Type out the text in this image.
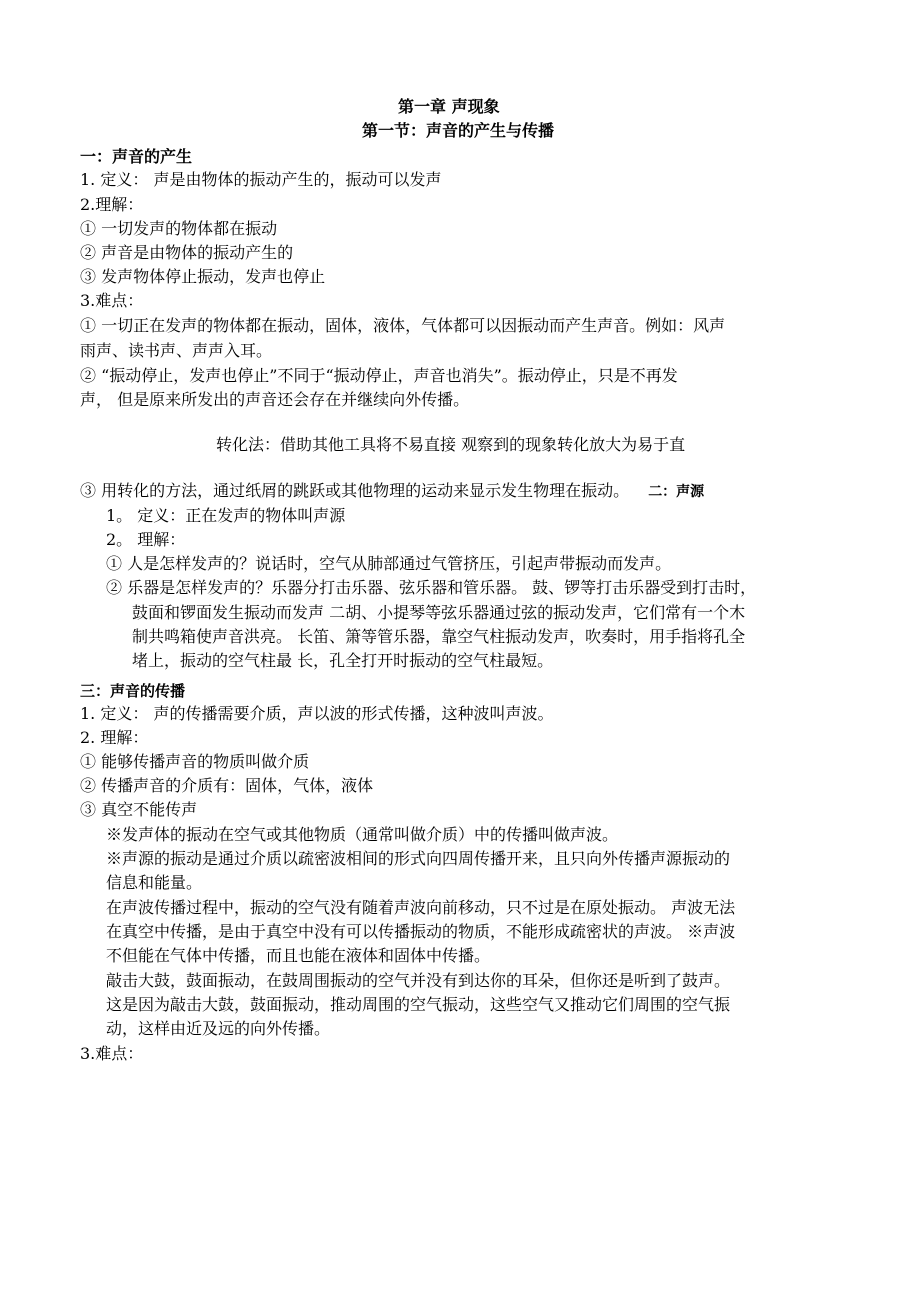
第一章 声现象
第一节：声音的产生与传播
一：声音的产生
1. 定义： 声是由物体的振动产生的，振动可以发声
2.理解：
① 一切发声的物体都在振动
② 声音是由物体的振动产生的
③ 发声物体停止振动，发声也停止
3.难点：
① 一切正在发声的物体都在振动，固体，液体，气体都可以因振动而产生声音。例如：风声
雨声、读书声、声声入耳。
② “振动停止，发声也停止”不同于“振动停止，声音也消失”。振动停止，只是不再发
声， 但是原来所发出的声音还会存在并继续向外传播。
转化法：借助其他工具将不易直接 观察到的现象转化放大为易于直
③ 用转化的方法，通过纸屑的跳跃或其他物理的运动来显示发生物理在振动。 二：声源
1。 定义：正在发声的物体叫声源
2。 理解：
① 人是怎样发声的？说话时，空气从肺部通过气管挤压，引起声带振动而发声。
② 乐器是怎样发声的？乐器分打击乐器、弦乐器和管乐器。 鼓、锣等打击乐器受到打击时，
鼓面和锣面发生振动而发声 二胡、小提琴等弦乐器通过弦的振动发声，它们常有一个木
制共鸣箱使声音洪亮。 长笛、箫等管乐器，靠空气柱振动发声，吹奏时，用手指将孔全
堵上，振动的空气柱最 长，孔全打开时振动的空气柱最短。
三：声音的传播
1. 定义： 声的传播需要介质，声以波的形式传播，这种波叫声波。
2. 理解：
① 能够传播声音的物质叫做介质
② 传播声音的介质有：固体，气体，液体
③ 真空不能传声
※发声体的振动在空气或其他物质（通常叫做介质）中的传播叫做声波。
※声源的振动是通过介质以疏密波相间的形式向四周传播开来，且只向外传播声源振动的
信息和能量。
在声波传播过程中，振动的空气没有随着声波向前移动，只不过是在原处振动。 声波无法
在真空中传播，是由于真空中没有可以传播振动的物质，不能形成疏密状的声波。 ※声波
不但能在气体中传播，而且也能在液体和固体中传播。
敲击大鼓，鼓面振动，在鼓周围振动的空气并没有到达你的耳朵，但你还是听到了鼓声。
这是因为敲击大鼓，鼓面振动，推动周围的空气振动，这些空气又推动它们周围的空气振
动，这样由近及远的向外传播。
3.难点：
